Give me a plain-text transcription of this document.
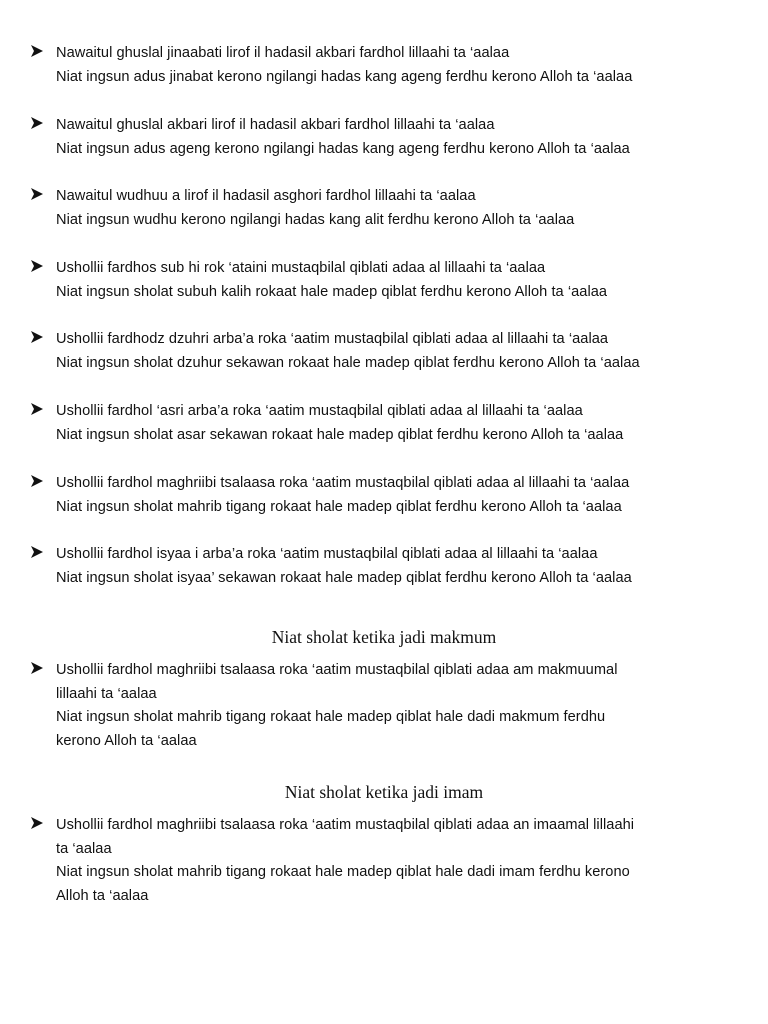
Nawaitul ghuslal jinaabati lirof il hadasil akbari fardhol lillaahi ta ‘aalaa
Niat ingsun adus jinabat kerono ngilangi hadas kang ageng ferdhu kerono Alloh ta ‘aalaa
Nawaitul ghuslal akbari lirof il hadasil akbari fardhol lillaahi ta ‘aalaa
Niat ingsun adus ageng kerono ngilangi hadas kang ageng ferdhu kerono Alloh ta ‘aalaa
Nawaitul wudhuu a lirof il hadasil asghori fardhol lillaahi ta ‘aalaa
Niat ingsun wudhu kerono ngilangi hadas kang alit ferdhu kerono Alloh ta ‘aalaa
Ushollii fardhos sub hi rok ‘ataini mustaqbilal qiblati adaa al lillaahi ta ‘aalaa
Niat ingsun sholat subuh kalih rokaat hale madep qiblat ferdhu kerono Alloh ta ‘aalaa
Ushollii fardhodz dzuhri arba’a roka ‘aatim mustaqbilal qiblati adaa al lillaahi ta ‘aalaa
Niat ingsun sholat dzuhur sekawan rokaat hale madep qiblat ferdhu kerono Alloh ta ‘aalaa
Ushollii fardhol ‘asri arba’a roka ‘aatim mustaqbilal qiblati adaa al lillaahi ta ‘aalaa
Niat ingsun sholat asar sekawan rokaat hale madep qiblat ferdhu kerono Alloh ta ‘aalaa
Ushollii fardhol maghriibi tsalaasa roka ‘aatim mustaqbilal qiblati adaa al lillaahi ta ‘aalaa
Niat ingsun sholat mahrib tigang rokaat hale madep qiblat ferdhu kerono Alloh ta ‘aalaa
Ushollii fardhol isyaa i arba’a roka ‘aatim mustaqbilal qiblati adaa al lillaahi ta ‘aalaa
Niat ingsun sholat isyaa’ sekawan rokaat hale madep qiblat ferdhu kerono Alloh ta ‘aalaa
Niat sholat ketika jadi makmum
Ushollii fardhol maghriibi tsalaasa roka ‘aatim mustaqbilal qiblati adaa am makmuumal
lillaahi ta ‘aalaa
Niat ingsun sholat mahrib tigang rokaat hale madep qiblat hale dadi makmum ferdhu
kerono Alloh ta ‘aalaa
Niat sholat ketika jadi imam
Ushollii fardhol maghriibi tsalaasa roka ‘aatim mustaqbilal qiblati adaa an imaamal lillaahi
ta ‘aalaa
Niat ingsun sholat mahrib tigang rokaat hale madep qiblat hale dadi imam ferdhu kerono
Alloh ta ‘aalaa
